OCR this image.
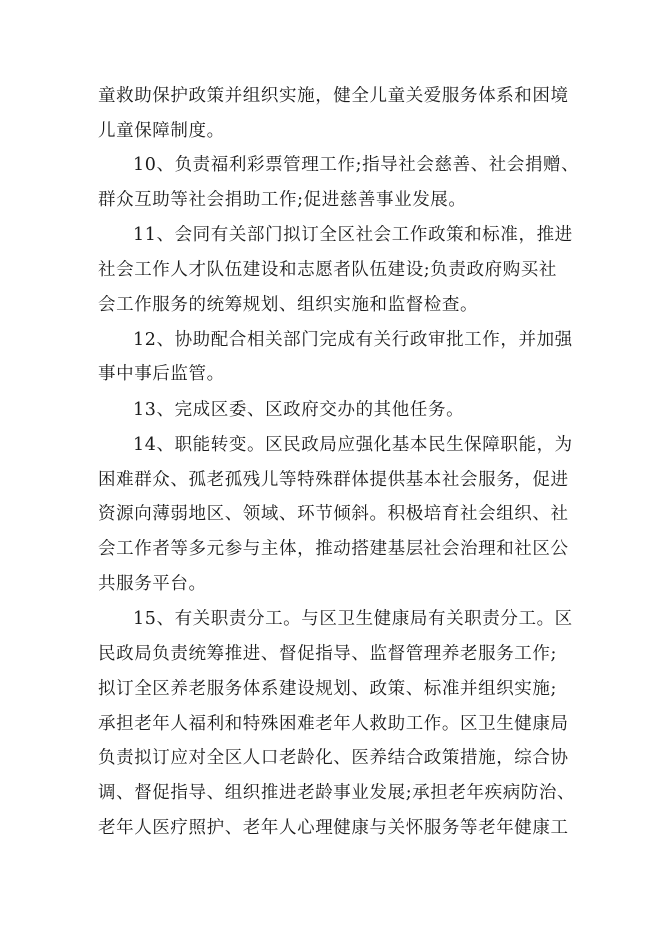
童救助保护政策并组织实施，健全儿童关爱服务体系和困境
儿童保障制度。
10、负责福利彩票管理工作;指导社会慈善、社会捐赠、
群众互助等社会捐助工作;促进慈善事业发展。
11、会同有关部门拟订全区社会工作政策和标准，推进
社会工作人才队伍建设和志愿者队伍建设;负责政府购买社
会工作服务的统筹规划、组织实施和监督检查。
12、协助配合相关部门完成有关行政审批工作，并加强
事中事后监管。
13、完成区委、区政府交办的其他任务。
14、职能转变。区民政局应强化基本民生保障职能，为
困难群众、孤老孤残儿等特殊群体提供基本社会服务，促进
资源向薄弱地区、领域、环节倾斜。积极培育社会组织、社
会工作者等多元参与主体，推动搭建基层社会治理和社区公
共服务平台。
15、有关职责分工。与区卫生健康局有关职责分工。区
民政局负责统筹推进、督促指导、监督管理养老服务工作;
拟订全区养老服务体系建设规划、政策、标准并组织实施;
承担老年人福利和特殊困难老年人救助工作。区卫生健康局
负责拟订应对全区人口老龄化、医养结合政策措施，综合协
调、督促指导、组织推进老龄事业发展;承担老年疾病防治、
老年人医疗照护、老年人心理健康与关怀服务等老年健康工
